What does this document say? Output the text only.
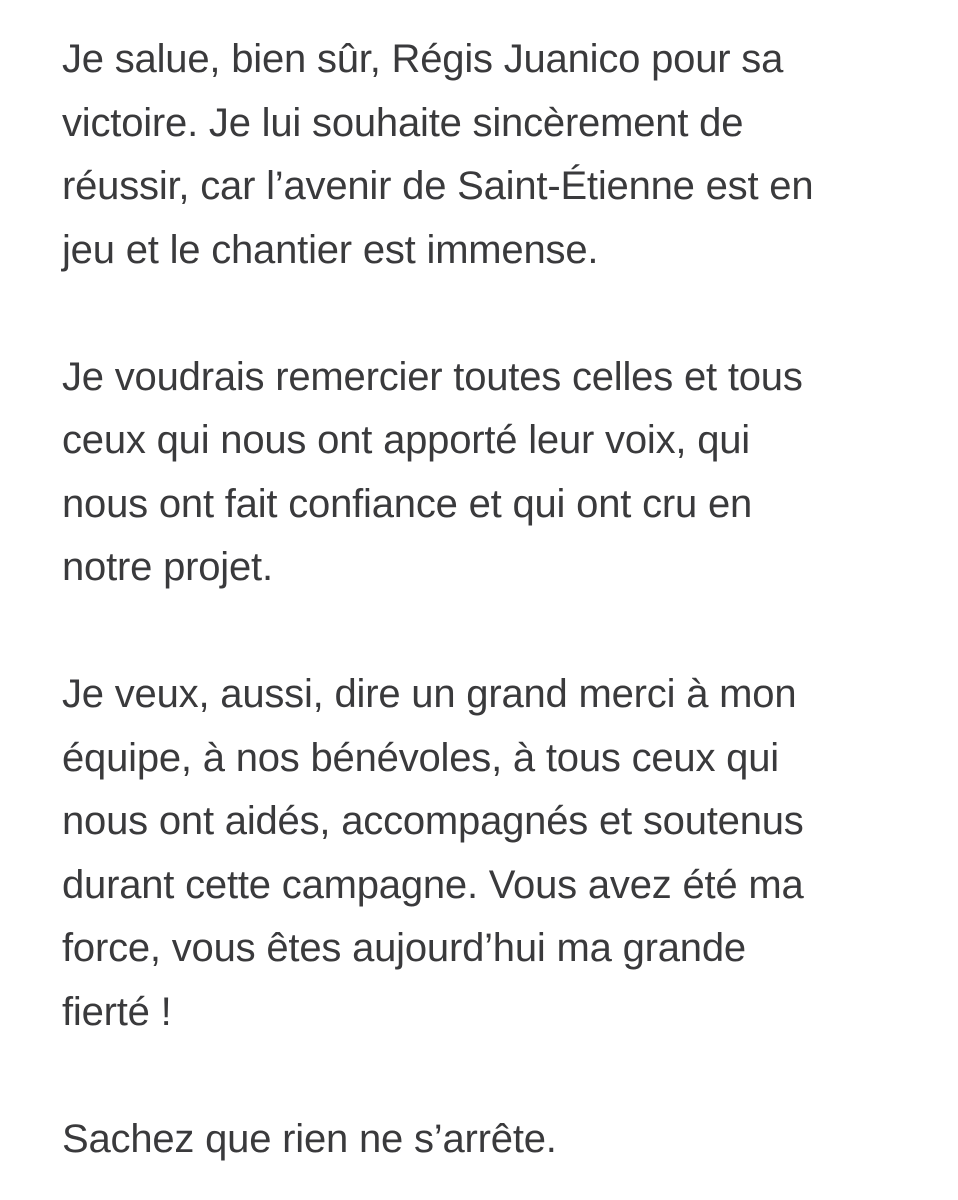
Je salue, bien sûr, Régis Juanico pour sa
victoire. Je lui souhaite sincèrement de
réussir, car l’avenir de Saint-Étienne est en
jeu et le chantier est immense.
Je voudrais remercier toutes celles et tous
ceux qui nous ont apporté leur voix, qui
nous ont fait confiance et qui ont cru en
notre projet.
Je veux, aussi, dire un grand merci à mon
équipe, à nos bénévoles, à tous ceux qui
nous ont aidés, accompagnés et soutenus
durant cette campagne. Vous avez été ma
force, vous êtes aujourd’hui ma grande
fierté !
Sachez que rien ne s’arrête.
